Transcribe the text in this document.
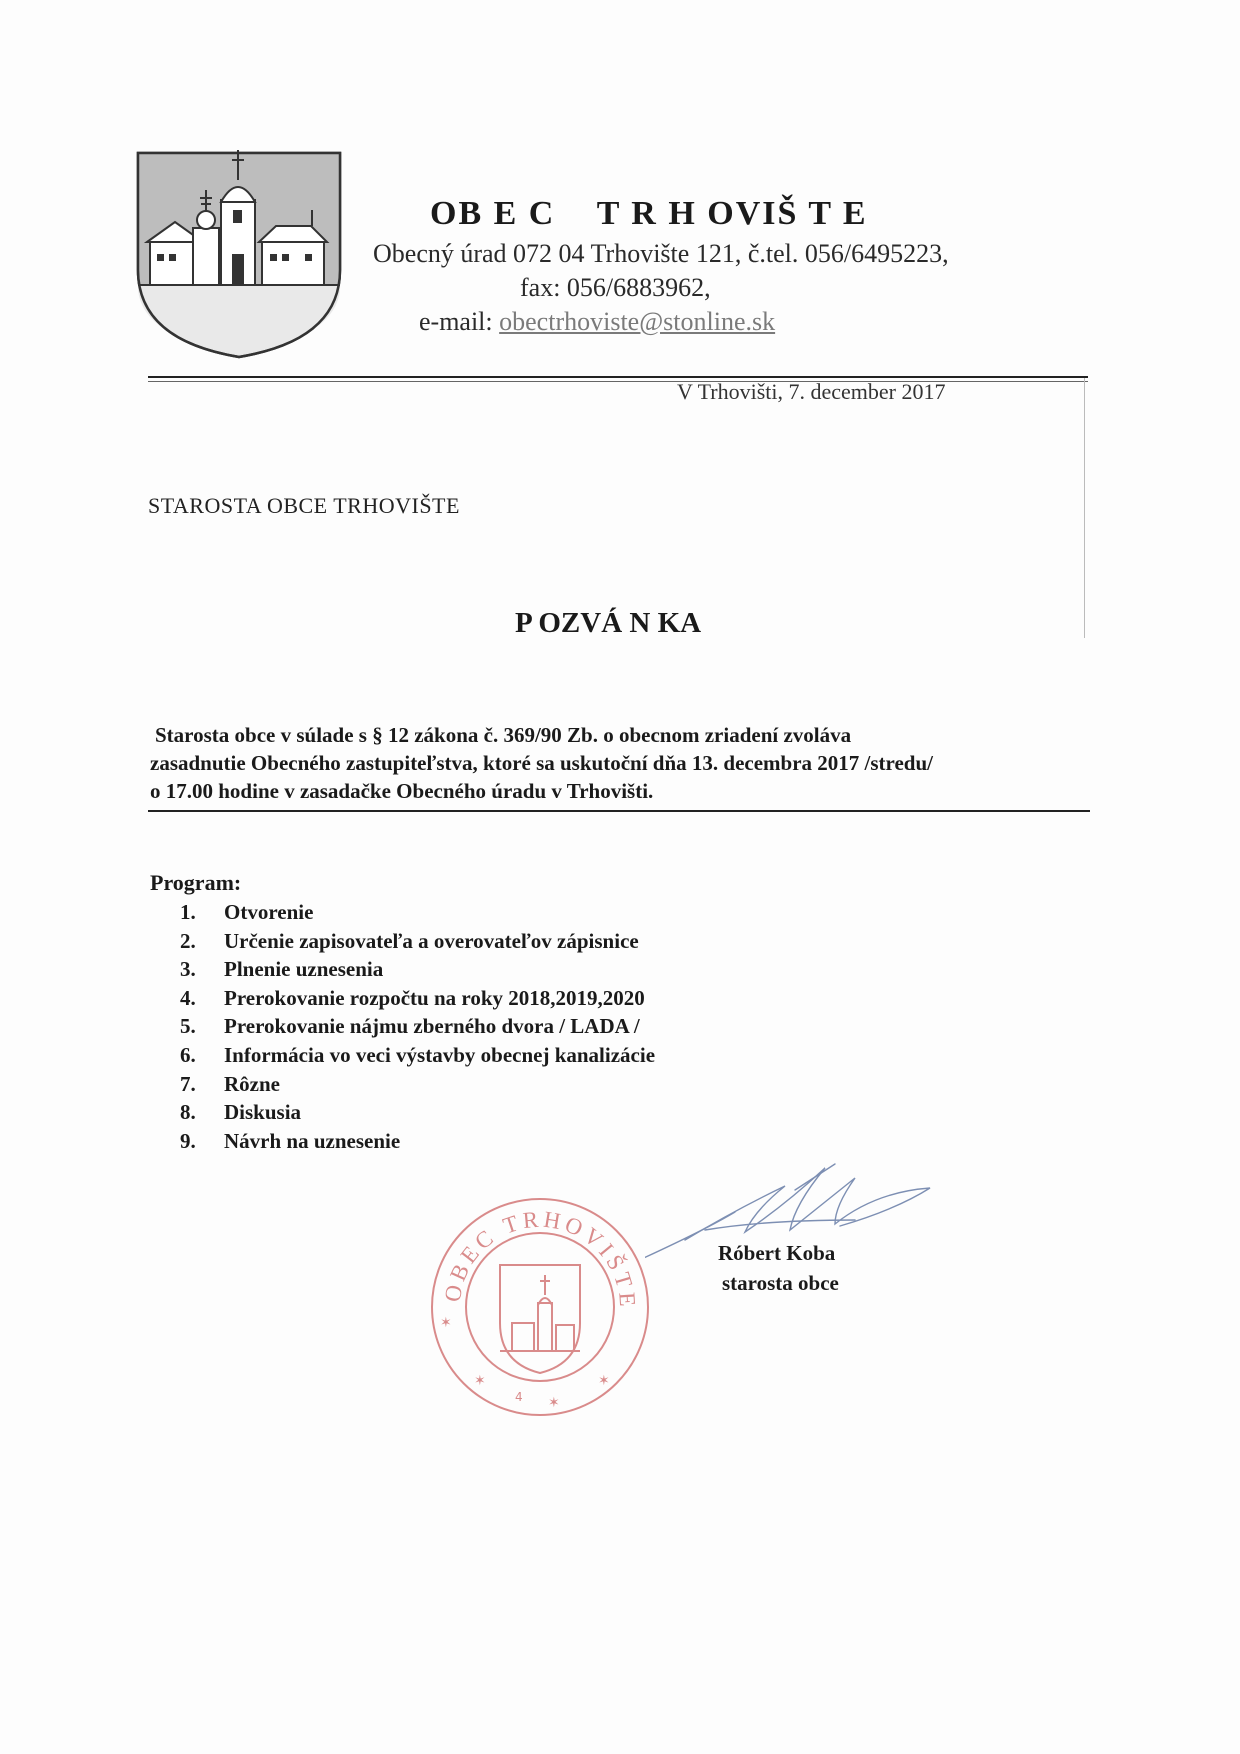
OB E C    T R H OVIŠ T E
Obecný úrad 072 04 Trhovište 121, č.tel. 056/6495223,
fax: 056/6883962,
e-mail: obectrhoviste@stonline.sk
V Trhovišti, 7. december 2017
STAROSTA OBCE TRHOVIŠTE
P OZVÁ N KA
Starosta obce v súlade s § 12 zákona č. 369/90 Zb. o obecnom zriadení zvoláva
zasadnutie Obecného zastupiteľstva, ktoré sa uskutoční dňa 13. decembra 2017 /stredu/
o 17.00 hodine v zasadačke Obecného úradu v Trhovišti.
Program:
1. Otvorenie
2. Určenie zapisovateľa a overovateľov zápisnice
3. Plnenie uznesenia
4. Prerokovanie rozpočtu na roky 2018,2019,2020
5. Prerokovanie nájmu zberného dvora / LADA /
6. Informácia vo veci výstavby obecnej kanalizácie
7. Rôzne
8. Diskusia
9. Návrh na uznesenie
OBEC TRHOVIŠTE
✶
✶	✶
✶
4
Róbert Koba
starosta obce
